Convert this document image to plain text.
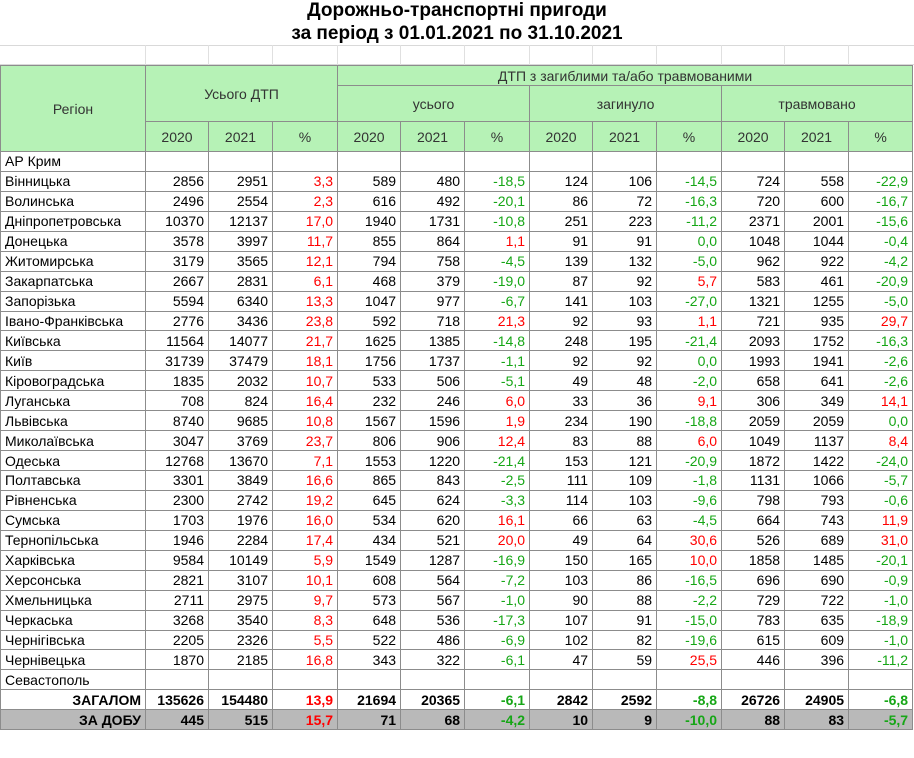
Дорожньо-транспортні пригоди
за період з 01.01.2021 по 31.10.2021
Регіон	Усього ДТП			ДТП з загиблими та/або травмованими								
				усього			загинуло			травмовано		
	2020	2021	%	2020	2021	%	2020	2021	%	2020	2021	%
АР Крим												
Вінницька	2856	2951	3,3	589	480	-18,5	124	106	-14,5	724	558	-22,9
Волинська	2496	2554	2,3	616	492	-20,1	86	72	-16,3	720	600	-16,7
Дніпропетровська	10370	12137	17,0	1940	1731	-10,8	251	223	-11,2	2371	2001	-15,6
Донецька	3578	3997	11,7	855	864	1,1	91	91	0,0	1048	1044	-0,4
Житомирська	3179	3565	12,1	794	758	-4,5	139	132	-5,0	962	922	-4,2
Закарпатська	2667	2831	6,1	468	379	-19,0	87	92	5,7	583	461	-20,9
Запорізька	5594	6340	13,3	1047	977	-6,7	141	103	-27,0	1321	1255	-5,0
Івано-Франківська	2776	3436	23,8	592	718	21,3	92	93	1,1	721	935	29,7
Київська	11564	14077	21,7	1625	1385	-14,8	248	195	-21,4	2093	1752	-16,3
Київ	31739	37479	18,1	1756	1737	-1,1	92	92	0,0	1993	1941	-2,6
Кіровоградська	1835	2032	10,7	533	506	-5,1	49	48	-2,0	658	641	-2,6
Луганська	708	824	16,4	232	246	6,0	33	36	9,1	306	349	14,1
Львівська	8740	9685	10,8	1567	1596	1,9	234	190	-18,8	2059	2059	0,0
Миколаївська	3047	3769	23,7	806	906	12,4	83	88	6,0	1049	1137	8,4
Одеська	12768	13670	7,1	1553	1220	-21,4	153	121	-20,9	1872	1422	-24,0
Полтавська	3301	3849	16,6	865	843	-2,5	111	109	-1,8	1131	1066	-5,7
Рівненська	2300	2742	19,2	645	624	-3,3	114	103	-9,6	798	793	-0,6
Сумська	1703	1976	16,0	534	620	16,1	66	63	-4,5	664	743	11,9
Тернопільська	1946	2284	17,4	434	521	20,0	49	64	30,6	526	689	31,0
Харківська	9584	10149	5,9	1549	1287	-16,9	150	165	10,0	1858	1485	-20,1
Херсонська	2821	3107	10,1	608	564	-7,2	103	86	-16,5	696	690	-0,9
Хмельницька	2711	2975	9,7	573	567	-1,0	90	88	-2,2	729	722	-1,0
Черкаська	3268	3540	8,3	648	536	-17,3	107	91	-15,0	783	635	-18,9
Чернігівська	2205	2326	5,5	522	486	-6,9	102	82	-19,6	615	609	-1,0
Чернівецька	1870	2185	16,8	343	322	-6,1	47	59	25,5	446	396	-11,2
Севастополь												
ЗАГАЛОМ	135626	154480	13,9	21694	20365	-6,1	2842	2592	-8,8	26726	24905	-6,8
ЗА ДОБУ	445	515	15,7	71	68	-4,2	10	9	-10,0	88	83	-5,7
